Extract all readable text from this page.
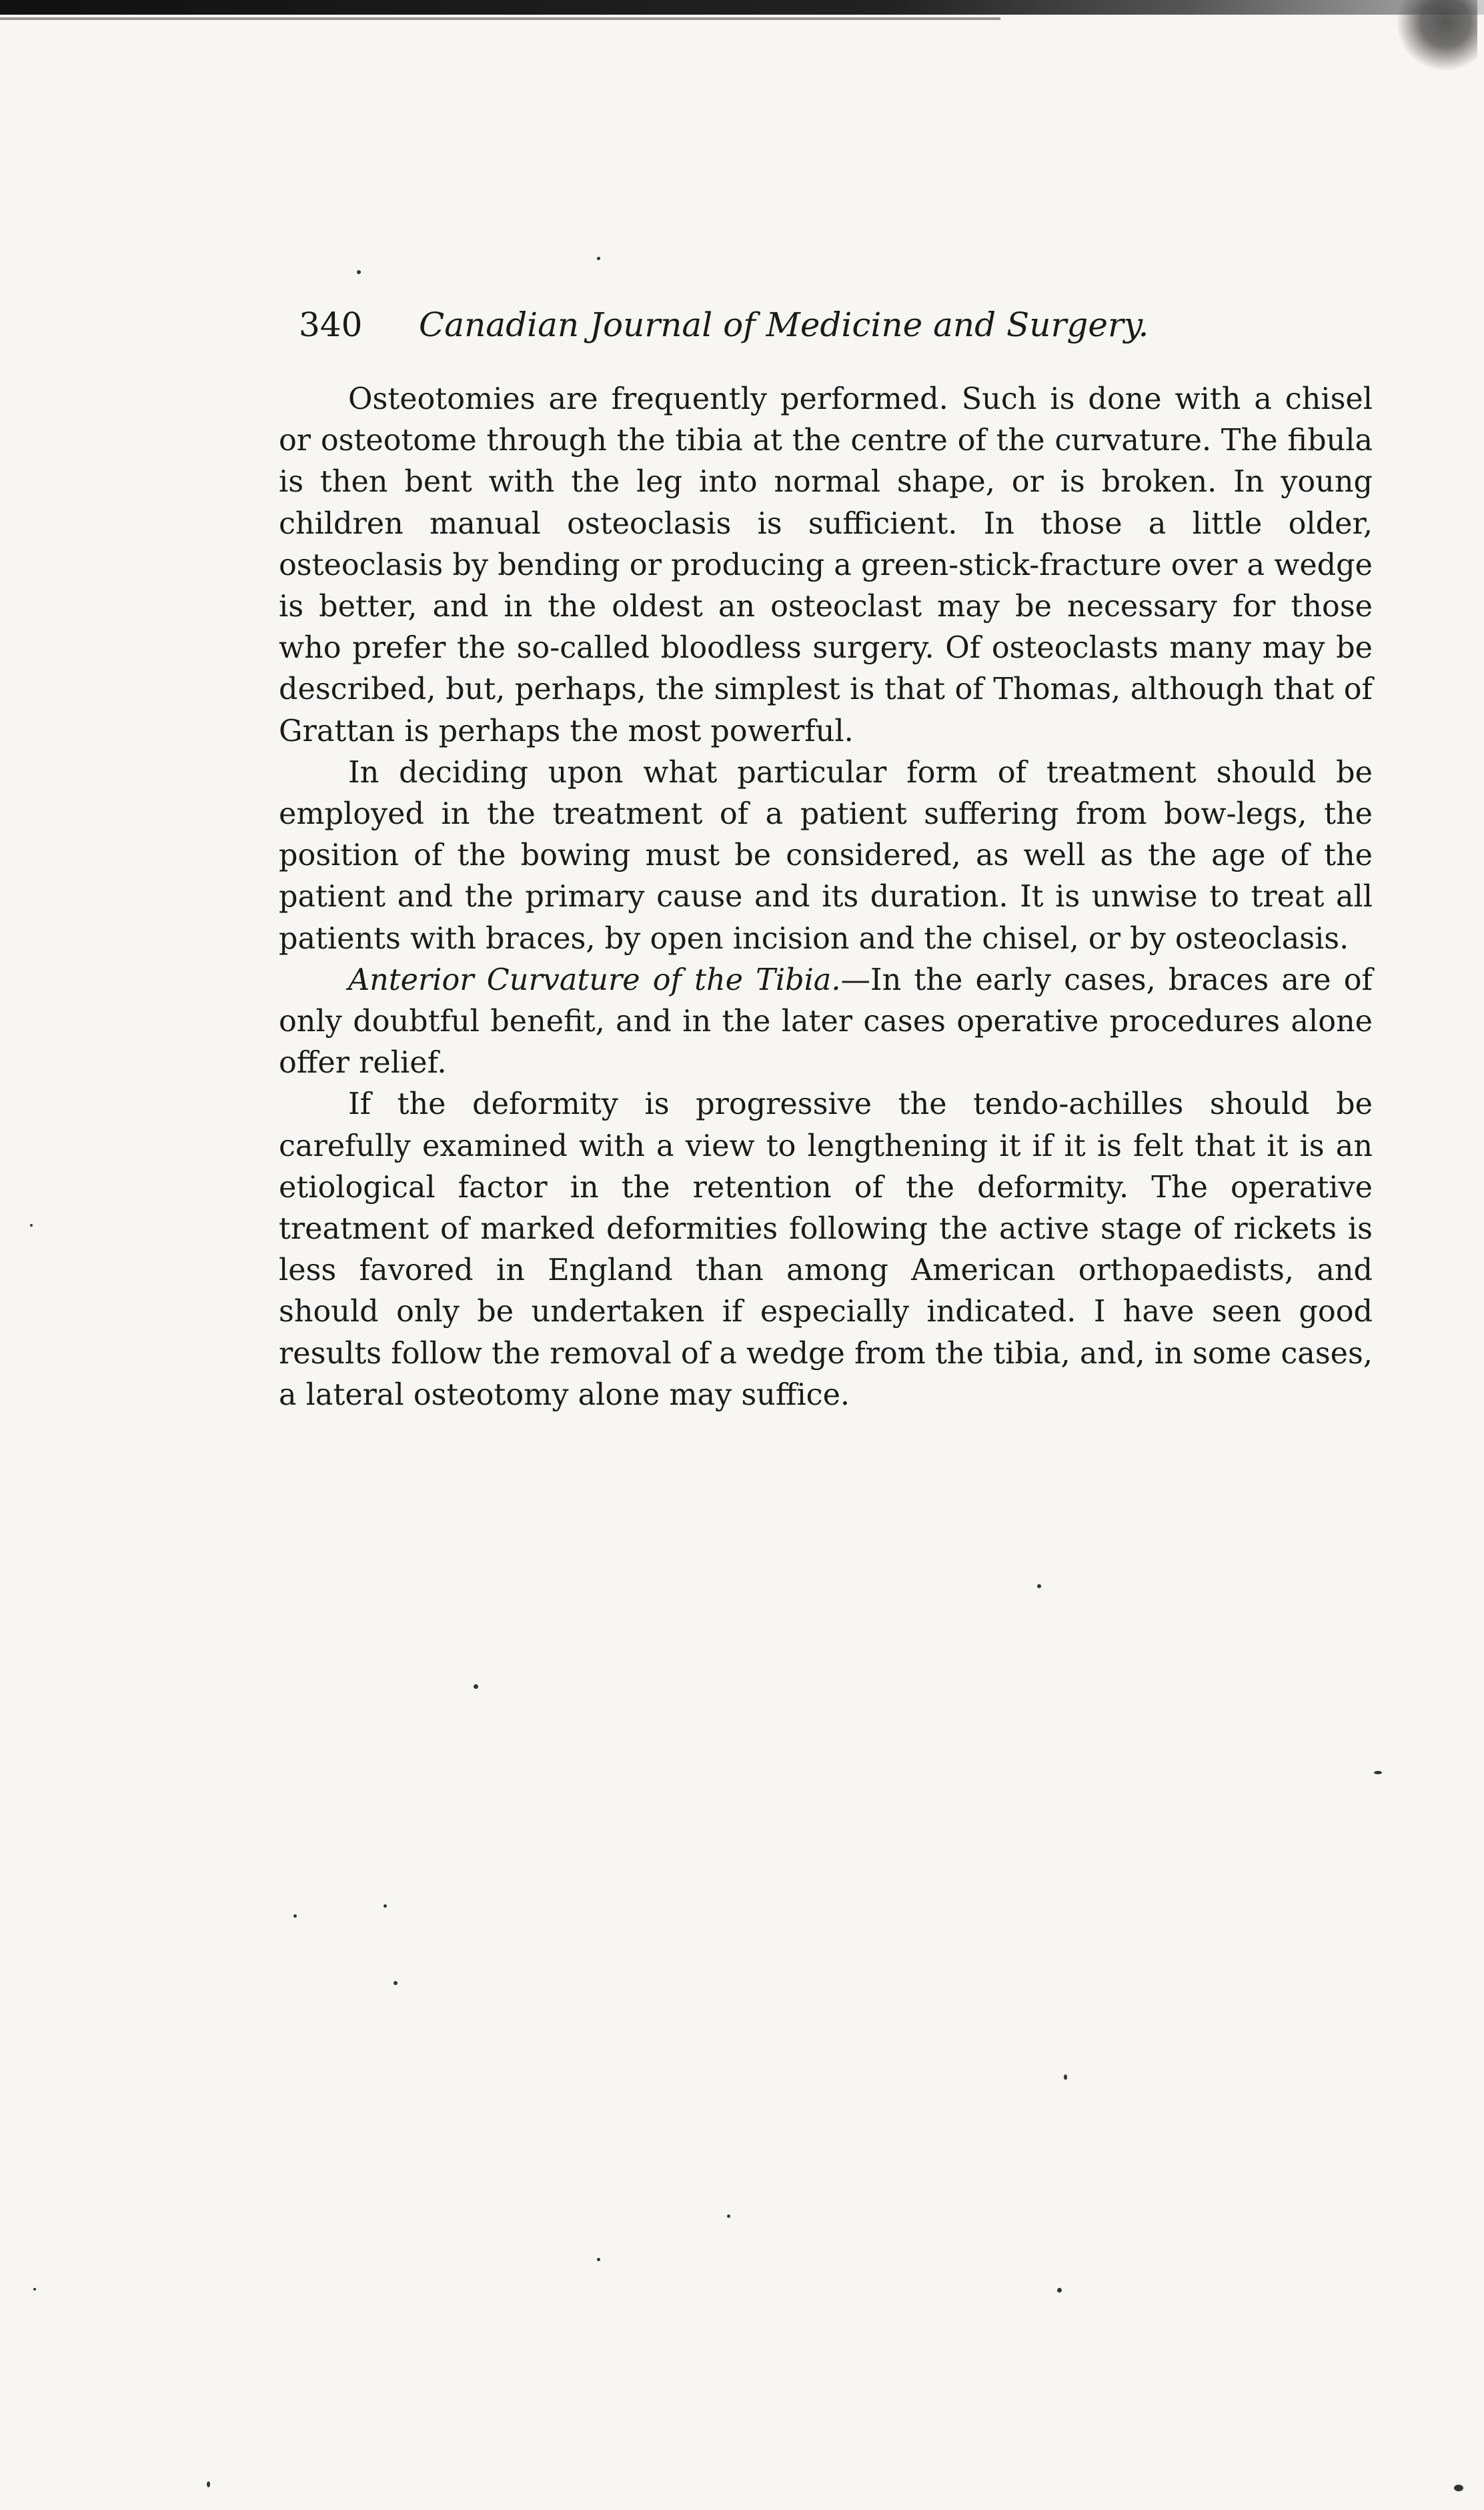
340 Canadian Journal of Medicine and Surgery.

Osteotomies are frequently performed. Such is done with a chisel or osteotome through the tibia at the centre of the curvature. The fibula is then bent with the leg into normal shape, or is broken. In young children manual osteoclasis is sufficient. In those a little older, osteoclasis by bending or producing a green-stick-fracture over a wedge is better, and in the oldest an osteoclast may be necessary for those who prefer the so-called bloodless surgery. Of osteoclasts many may be described, but, perhaps, the simplest is that of Thomas, although that of Grattan is perhaps the most powerful.

In deciding upon what particular form of treatment should be employed in the treatment of a patient suffering from bow-legs, the position of the bowing must be considered, as well as the age of the patient and the primary cause and its duration. It is unwise to treat all patients with braces, by open incision and the chisel, or by osteoclasis.

Anterior Curvature of the Tibia.—In the early cases, braces are of only doubtful benefit, and in the later cases operative procedures alone offer relief.

If the deformity is progressive the tendo-achilles should be carefully examined with a view to lengthening it if it is felt that it is an etiological factor in the retention of the deformity. The operative treatment of marked deformities following the active stage of rickets is less favored in England than among American orthopaedists, and should only be undertaken if especially indicated. I have seen good results follow the removal of a wedge from the tibia, and, in some cases, a lateral osteotomy alone may suffice.
